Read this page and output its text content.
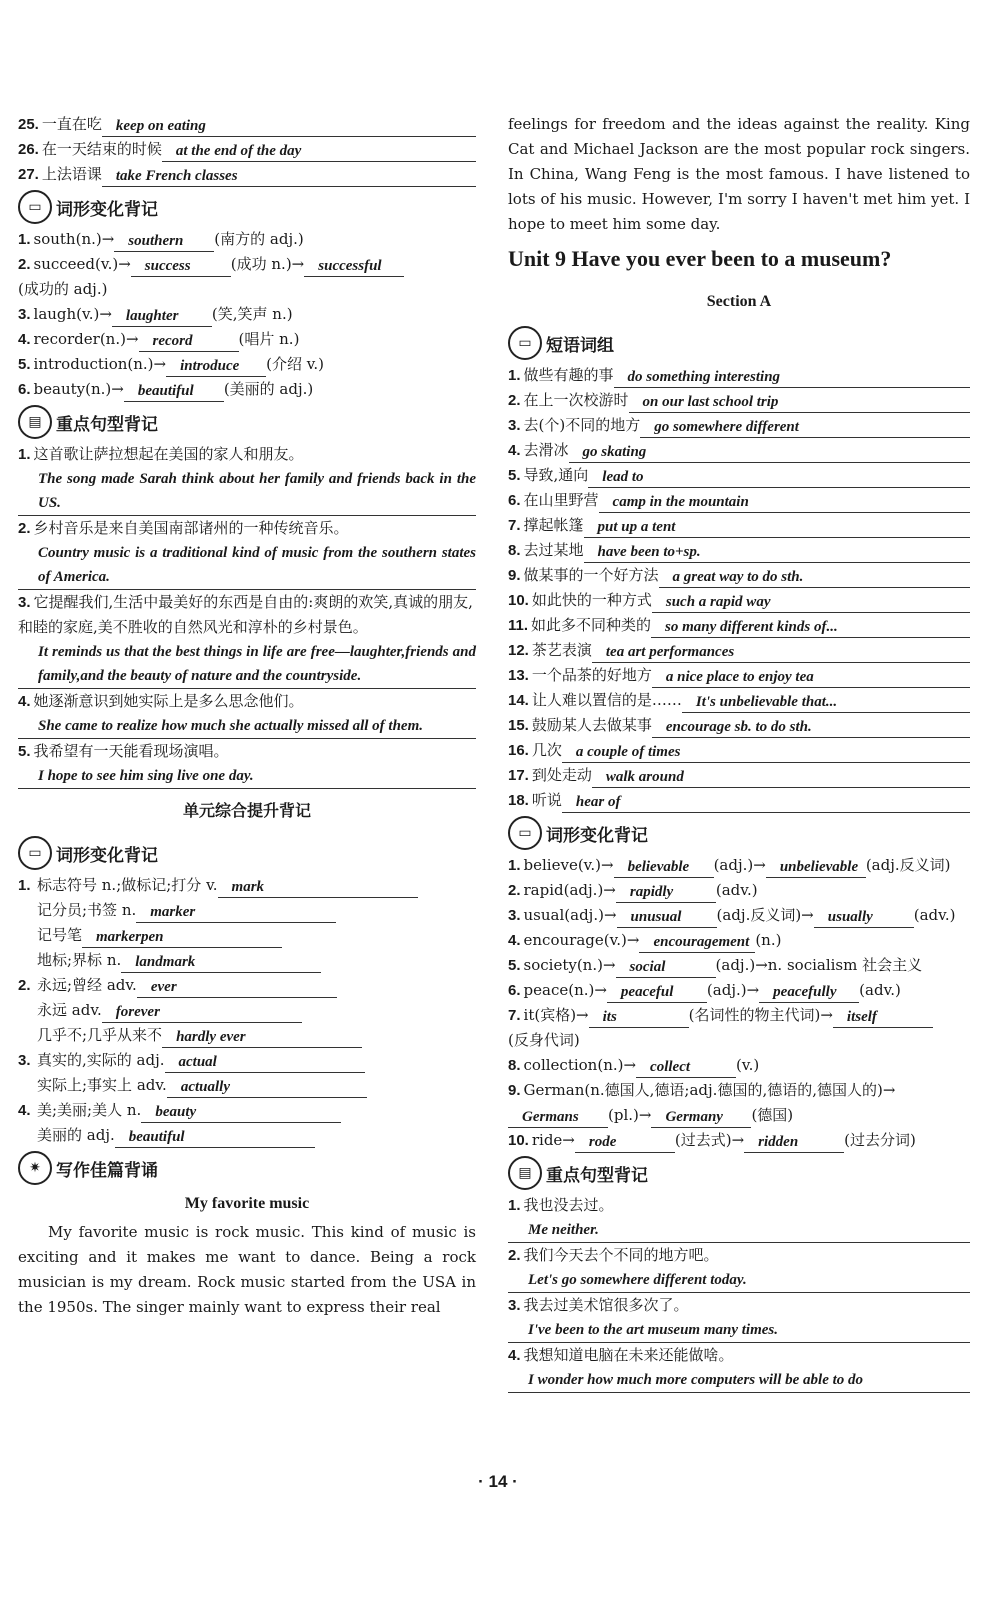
25. 一直在吃 keep on eating
26. 在一天结束的时候 at the end of the day
27. 上法语课 take French classes
▭ 词形变化背记
1. south(n.)→ southern	(南方的 adj.)
2. succeed(v.)→ success	(成功 n.)→ successful
(成功的 adj.)
3. laugh(v.)→ laughter	(笑,笑声 n.)
4. recorder(n.)→ record	(唱片 n.)
5. introduction(n.)→ introduce	(介绍 v.)
6. beauty(n.)→ beautiful	(美丽的 adj.)
▤ 重点句型背记
1. 这首歌让萨拉想起在美国的家人和朋友。
The song made Sarah think about her family and friends back in the US.
2. 乡村音乐是来自美国南部诸州的一种传统音乐。
Country music is a traditional kind of music from the southern states of America.
3. 它提醒我们,生活中最美好的东西是自由的:爽朗的欢笑,真诚的朋友,和睦的家庭,美不胜收的自然风光和淳朴的乡村景色。
It reminds us that the best things in life are free—laughter,friends and family,and the beauty of nature and the countryside.
4. 她逐渐意识到她实际上是多么思念他们。
She came to realize how much she actually missed all of them.
5. 我希望有一天能看现场演唱。
I hope to see him sing live one day.
单元综合提升背记
▭ 词形变化背记
1. 标志符号 n.;做标记;打分 v. mark
记分员;书签 n. marker
记号笔 markerpen
地标;界标 n. landmark
2. 永远;曾经 adv. ever
永远 adv. forever
几乎不;几乎从来不 hardly ever
3. 真实的,实际的 adj. actual
实际上;事实上 adv. actually
4. 美;美丽;美人 n. beauty
美丽的 adj. beautiful
✷ 写作佳篇背诵
My favorite music
My favorite music is rock music. This kind of music is exciting and it makes me want to dance. Being a rock musician is my dream. Rock music started from the USA in the 1950s. The singer mainly want to express their real
feelings for freedom and the ideas against the reality. King Cat and Michael Jackson are the most popular rock singers. In China, Wang Feng is the most famous. I have listened to lots of his music. However, I'm sorry I haven't met him yet. I hope to meet him some day.
Unit 9 Have you ever been to a museum?
Section A
▭ 短语词组
1. 做些有趣的事 do something interesting
2. 在上一次校游时 on our last school trip
3. 去(个)不同的地方 go somewhere different
4. 去滑冰 go skating
5. 导致,通向 lead to
6. 在山里野营 camp in the mountain
7. 撑起帐篷 put up a tent
8. 去过某地 have been to+sp.
9. 做某事的一个好方法 a great way to do sth.
10. 如此快的一种方式 such a rapid way
11. 如此多不同种类的 so many different kinds of...
12. 茶艺表演 tea art performances
13. 一个品茶的好地方 a nice place to enjoy tea
14. 让人难以置信的是…… It's unbelievable that...
15. 鼓励某人去做某事 encourage sb. to do sth.
16. 几次 a couple of times
17. 到处走动 walk around
18. 听说 hear of
▭ 词形变化背记
1. believe(v.)→ believable	(adj.)→ unbelievable (adj.反义词)
2. rapid(adj.)→ rapidly	(adv.)
3. usual(adj.)→ unusual	(adj.反义词)→ usually	(adv.)
4. encourage(v.)→ encouragement (n.)
5. society(n.)→ social	(adj.)→n. socialism 社会主义
6. peace(n.)→ peaceful	(adj.)→ peacefully	(adv.)
7. it(宾格)→ its	(名词性的物主代词)→ itself
(反身代词)
8. collection(n.)→ collect	(v.)
9. German(n.德国人,德语;adj.德国的,德语的,德国人的)→
Germans	(pl.)→ Germany	(德国)
10. ride→ rode	(过去式)→ ridden	(过去分词)
▤ 重点句型背记
1. 我也没去过。
Me neither.
2. 我们今天去个不同的地方吧。
Let's go somewhere different today.
3. 我去过美术馆很多次了。
I've been to the art museum many times.
4. 我想知道电脑在未来还能做啥。
I wonder how much more computers will be able to do
· 14 ·
